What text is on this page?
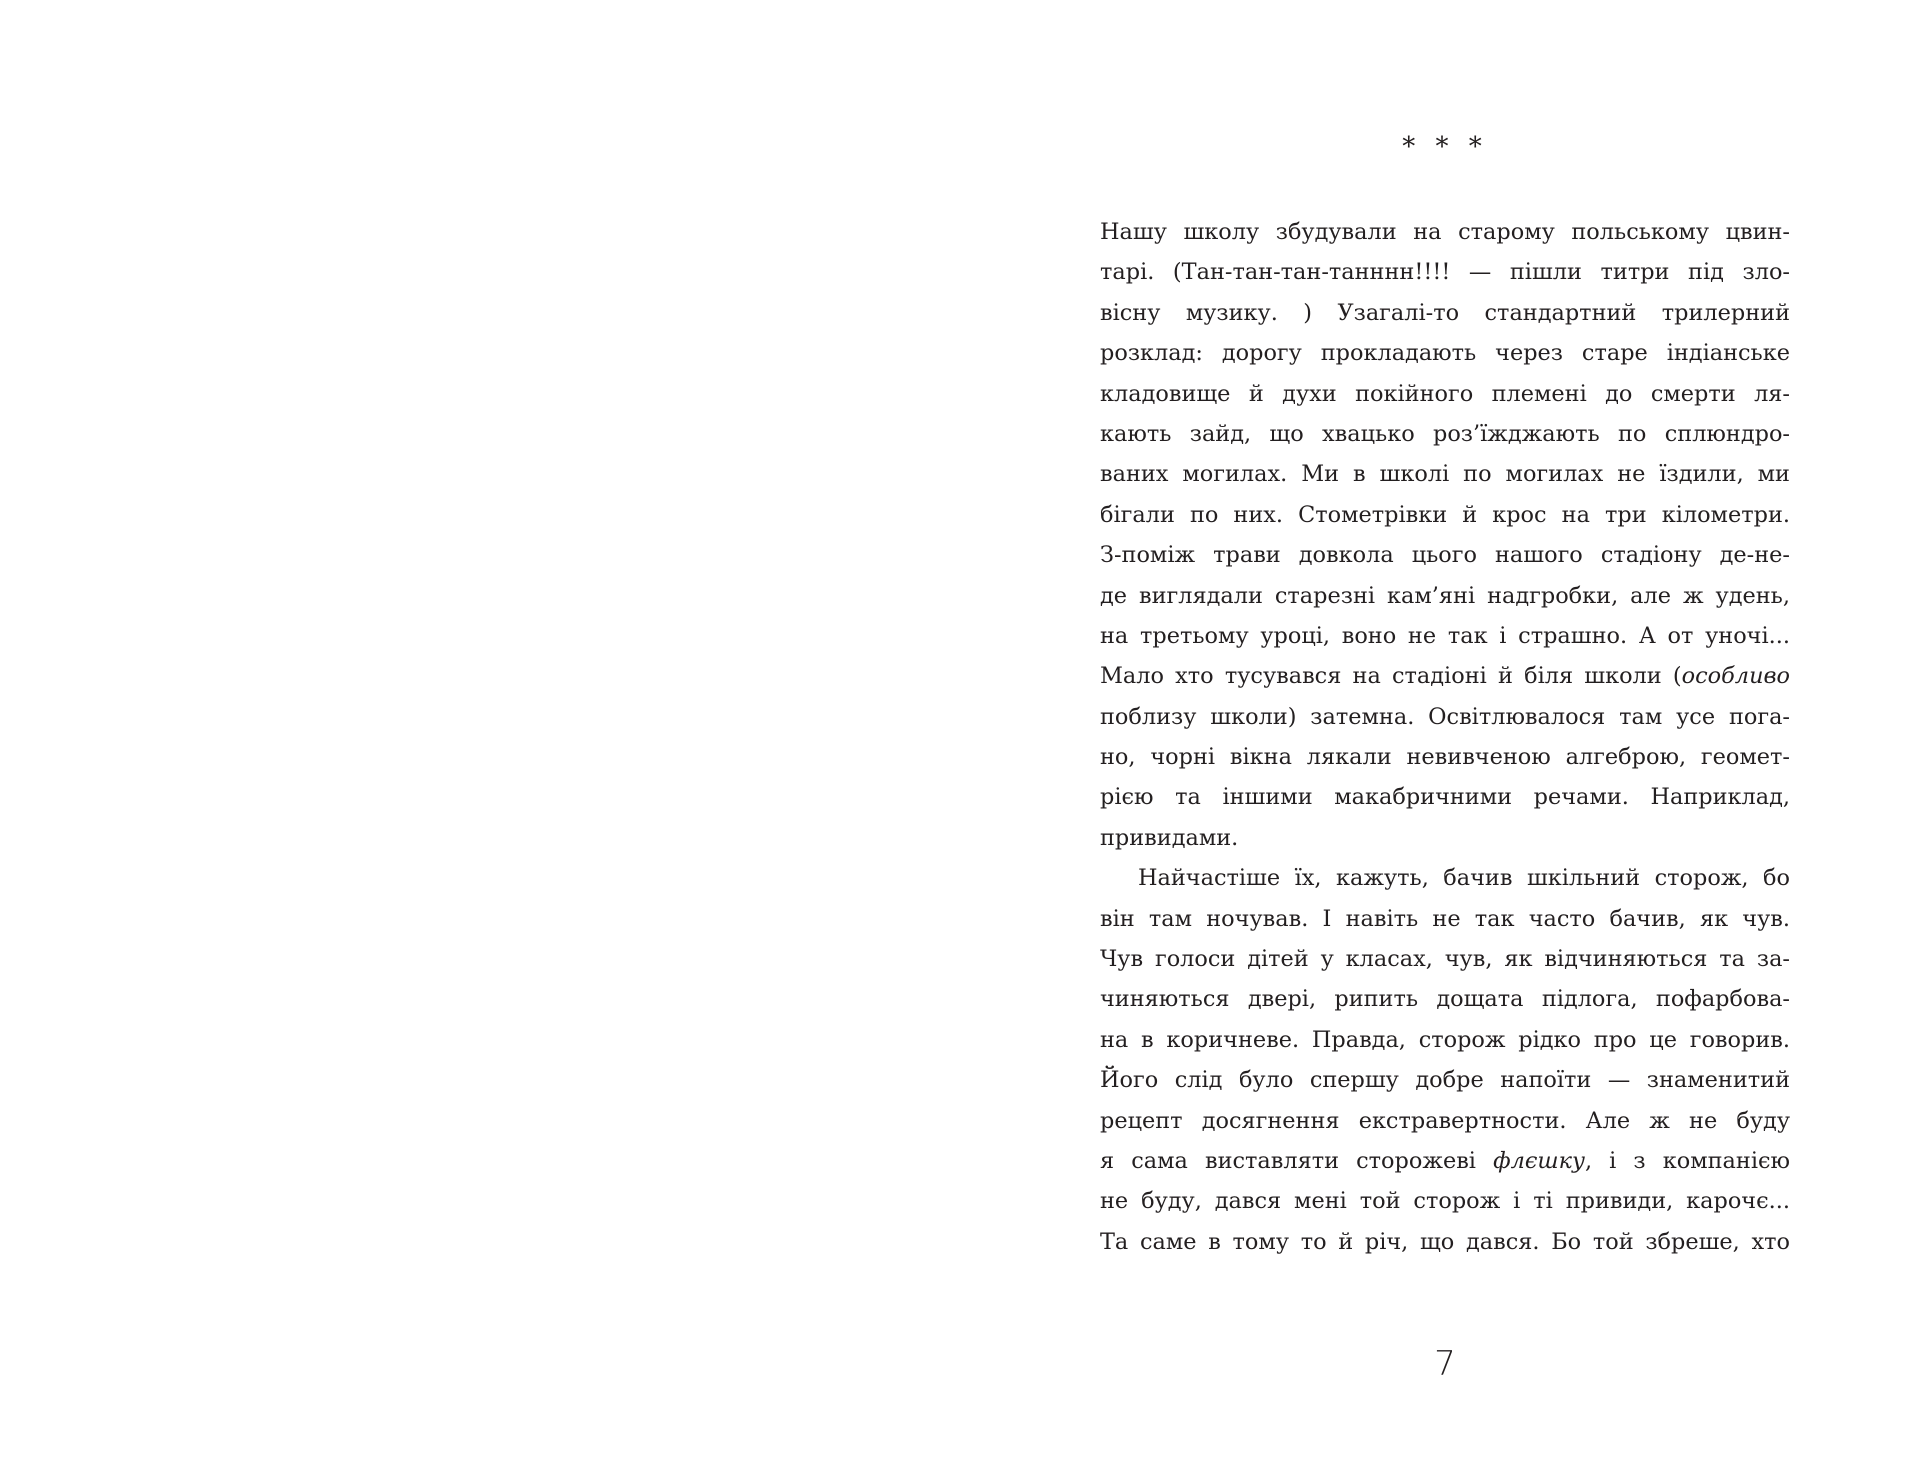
* * *
Нашу школу збудували на старому польському цвин-
тарі. (Тан-тан-тан-танннн!!!! — пішли титри під зло-
вісну музику. ) Узагалі-то стандартний трилерний
розклад: дорогу прокладають через старе індіанське
кладовище й духи покійного племені до смерти ля-
кають зайд, що хвацько роз’їжджають по сплюндро-
ваних могилах. Ми в школі по могилах не їздили, ми
бігали по них. Стометрівки й крос на три кілометри.
З-поміж трави довкола цього нашого стадіону де-не-
де виглядали старезні кам’яні надгробки, але ж удень,
на третьому уроці, воно не так і страшно. А от уночі...
Мало хто тусувався на стадіоні й біля школи (особливо
поблизу школи) затемна. Освітлювалося там усе пога-
но, чорні вікна лякали невивченою алгеброю, геомет-
рією та іншими макабричними речами. Наприклад,
привидами.
Найчастіше їх, кажуть, бачив шкільний сторож, бо
він там ночував. І навіть не так часто бачив, як чув.
Чув голоси дітей у класах, чув, як відчиняються та за-
чиняються двері, рипить дощата підлога, пофарбова-
на в коричневе. Правда, сторож рідко про це говорив.
Його слід було спершу добре напоїти — знаменитий
рецепт досягнення екстравертности. Але ж не буду
я сама виставляти сторожеві флєшку, і з компанією
не буду, дався мені той сторож і ті привиди, карочє...
Та саме в тому то й річ, що дався. Бо той збреше, хто
7
